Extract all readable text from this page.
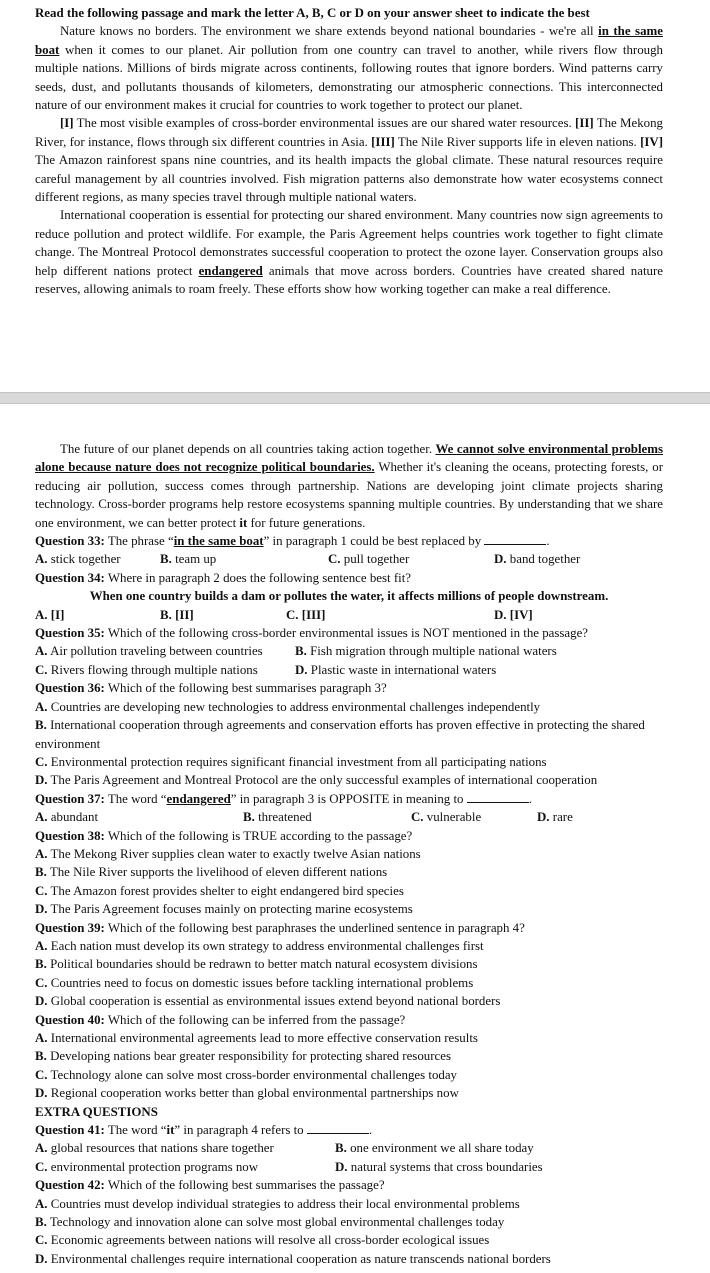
Read the following passage and mark the letter A, B, C or D on your answer sheet to indicate the best

Nature knows no borders. The environment we share extends beyond national boundaries - we're all in the same boat when it comes to our planet. Air pollution from one country can travel to another, while rivers flow through multiple nations. Millions of birds migrate across continents, following routes that ignore borders. Wind patterns carry seeds, dust, and pollutants thousands of kilometers, demonstrating our atmospheric connections. This interconnected nature of our environment makes it crucial for countries to work together to protect our planet.

[I] The most visible examples of cross-border environmental issues are our shared water resources. [II] The Mekong River, for instance, flows through six different countries in Asia. [III] The Nile River supports life in eleven nations. [IV] The Amazon rainforest spans nine countries, and its health impacts the global climate. These natural resources require careful management by all countries involved. Fish migration patterns also demonstrate how water ecosystems connect different regions, as many species travel through multiple national waters.

International cooperation is essential for protecting our shared environment. Many countries now sign agreements to reduce pollution and protect wildlife. For example, the Paris Agreement helps countries work together to fight climate change. The Montreal Protocol demonstrates successful cooperation to protect the ozone layer. Conservation groups also help different nations protect endangered animals that move across borders. Countries have created shared nature reserves, allowing animals to roam freely. These efforts show how working together can make a real difference.

The future of our planet depends on all countries taking action together. We cannot solve environmental problems alone because nature does not recognize political boundaries. Whether it's cleaning the oceans, protecting forests, or reducing air pollution, success comes through partnership. Nations are developing joint climate projects sharing technology. Cross-border programs help restore ecosystems spanning multiple countries. By understanding that we share one environment, we can better protect it for future generations.

Question 33: The phrase “in the same boat” in paragraph 1 could be best replaced by	.

A. stick together	B. team up	C. pull together	D. band together

Question 34: Where in paragraph 2 does the following sentence best fit?

When one country builds a dam or pollutes the water, it affects millions of people downstream.

A. [I]	B. [II]	C. [III]	D. [IV]

Question 35: Which of the following cross-border environmental issues is NOT mentioned in the passage?

A. Air pollution traveling between countries	B. Fish migration through multiple national waters
C. Rivers flowing through multiple nations	D. Plastic waste in international waters

Question 36: Which of the following best summarises paragraph 3?

A. Countries are developing new technologies to address environmental challenges independently

B. International cooperation through agreements and conservation efforts has proven effective in protecting the shared environment

C. Environmental protection requires significant financial investment from all participating nations

D. The Paris Agreement and Montreal Protocol are the only successful examples of international cooperation

Question 37: The word “endangered” in paragraph 3 is OPPOSITE in meaning to	.

A. abundant	B. threatened	C. vulnerable	D. rare

Question 38: Which of the following is TRUE according to the passage?

A. The Mekong River supplies clean water to exactly twelve Asian nations

B. The Nile River supports the livelihood of eleven different nations

C. The Amazon forest provides shelter to eight endangered bird species

D. The Paris Agreement focuses mainly on protecting marine ecosystems

Question 39: Which of the following best paraphrases the underlined sentence in paragraph 4?

A. Each nation must develop its own strategy to address environmental challenges first

B. Political boundaries should be redrawn to better match natural ecosystem divisions

C. Countries need to focus on domestic issues before tackling international problems

D. Global cooperation is essential as environmental issues extend beyond national borders

Question 40: Which of the following can be inferred from the passage?

A. International environmental agreements lead to more effective conservation results

B. Developing nations bear greater responsibility for protecting shared resources

C. Technology alone can solve most cross-border environmental challenges today

D. Regional cooperation works better than global environmental partnerships now

EXTRA QUESTIONS

Question 41: The word “it” in paragraph 4 refers to	.

A. global resources that nations share together	B. one environment we all share today
C. environmental protection programs now	D. natural systems that cross boundaries

Question 42: Which of the following best summarises the passage?

A. Countries must develop individual strategies to address their local environmental problems

B. Technology and innovation alone can solve most global environmental challenges today

C. Economic agreements between nations will resolve all cross-border ecological issues

D. Environmental challenges require international cooperation as nature transcends national borders
